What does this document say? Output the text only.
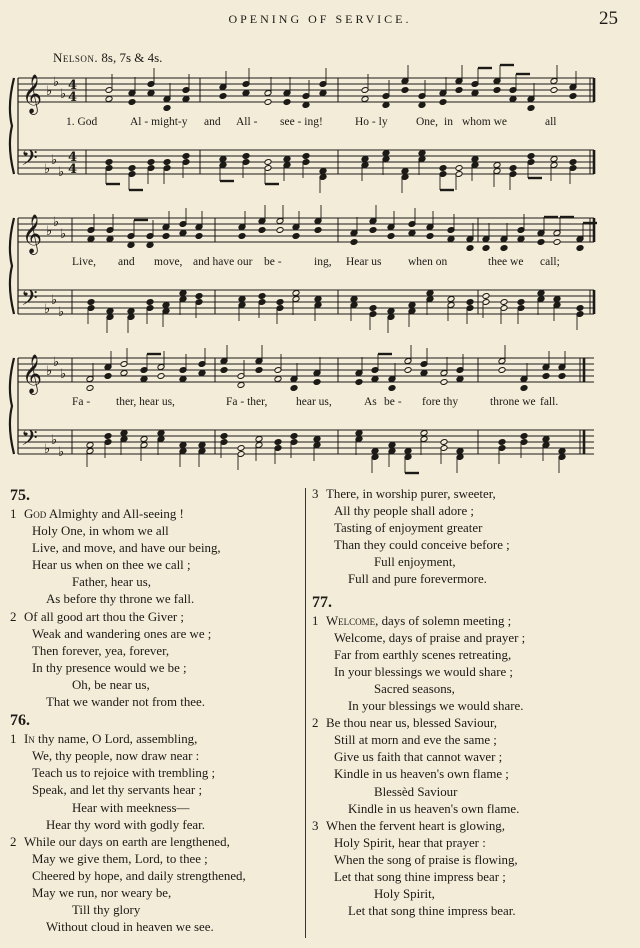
OPENING OF SERVICE.	25
Nelson. 8s, 7s & 4s.
𝄞
𝄢
♭
♭
♭
♭
♭
♭
4
4
4
4
𝄞
𝄢
♭
♭
♭
♭
♭
♭
𝄞
𝄢
♭
♭
♭
♭
♭
♭
1. God	Al - might-y and All - see - ing!	Ho - ly One, in whom we	all
Live, and move, and have our be -	ing, Hear us when on	thee we call;
Fa - ther, hear us,	Fa - ther, hear us,	As be - fore thy	throne we fall.
75.
1 God Almighty and All-seeing !
Holy One, in whom we all
Live, and move, and have our being,
Hear us when on thee we call ;
Father, hear us,
As before thy throne we fall.
2 Of all good art thou the Giver ;
Weak and wandering ones are we ;
Then forever, yea, forever,
In thy presence would we be ;
Oh, be near us,
That we wander not from thee.
76.
1 In thy name, O Lord, assembling,
We, thy people, now draw near :
Teach us to rejoice with trembling ;
Speak, and let thy servants hear ;
Hear with meekness—
Hear thy word with godly fear.
2 While our days on earth are lengthened,
May we give them, Lord, to thee ;
Cheered by hope, and daily strengthened,
May we run, nor weary be,
Till thy glory
Without cloud in heaven we see.
3 There, in worship purer, sweeter,
All thy people shall adore ;
Tasting of enjoyment greater
Than they could conceive before ;
Full enjoyment,
Full and pure forevermore.
77.
1 Welcome, days of solemn meeting ;
Welcome, days of praise and prayer ;
Far from earthly scenes retreating,
In your blessings we would share ;
Sacred seasons,
In your blessings we would share.
2 Be thou near us, blessed Saviour,
Still at morn and eve the same ;
Give us faith that cannot waver ;
Kindle in us heaven's own flame ;
Blessèd Saviour
Kindle in us heaven's own flame.
3 When the fervent heart is glowing,
Holy Spirit, hear that prayer :
When the song of praise is flowing,
Let that song thine impress bear ;
Holy Spirit,
Let that song thine impress bear.
